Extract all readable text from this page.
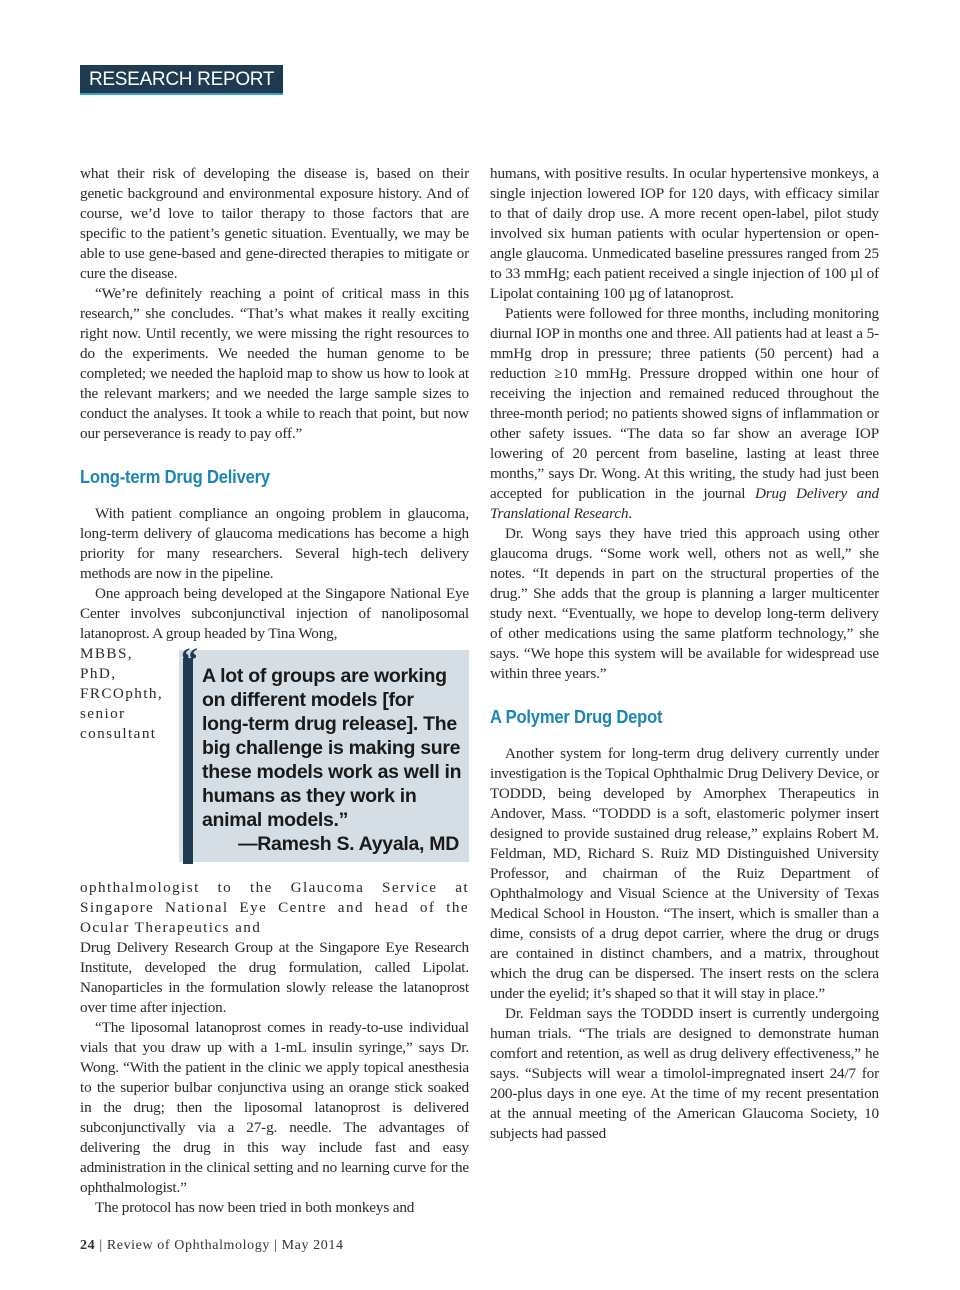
RESEARCH REPORT

what their risk of developing the disease is, based on their genetic background and environmental exposure history. And of course, we’d love to tailor therapy to those factors that are specific to the patient’s genetic situation. Eventually, we may be able to use gene-based and gene-directed therapies to mitigate or cure the disease.

“We’re definitely reaching a point of critical mass in this research,” she concludes. “That’s what makes it really exciting right now. Until recently, we were missing the right resources to do the experiments. We needed the human genome to be completed; we needed the haploid map to show us how to look at the relevant markers; and we needed the large sample sizes to conduct the analyses. It took a while to reach that point, but now our perseverance is ready to pay off.”

Long-term Drug Delivery

With patient compliance an ongoing problem in glaucoma, long-term delivery of glaucoma medications has become a high priority for many researchers. Several high-tech delivery methods are now in the pipeline.

One approach being developed at the Singapore National Eye Center involves subconjunctival injection of nanoliposomal latanoprost. A group headed by Tina Wong,

“ A lot of groups are working on different models [for long-term drug release]. The big challenge is making sure these models work as well in humans as they work in animal models.”
—Ramesh S. Ayyala, MD

MBBS, PhD, FRCOphth, senior consultant ophthalmologist to the Glaucoma Service at Singapore National Eye Centre and head of the Ocular Therapeutics and

Drug Delivery Research Group at the Singapore Eye Research Institute, developed the drug formulation, called Lipolat. Nanoparticles in the formulation slowly release the latanoprost over time after injection.

“The liposomal latanoprost comes in ready-to-use individual vials that you draw up with a 1-mL insulin syringe,” says Dr. Wong. “With the patient in the clinic we apply topical anesthesia to the superior bulbar conjunctiva using an orange stick soaked in the drug; then the liposomal latanoprost is delivered subconjunctivally via a 27-g. needle. The advantages of delivering the drug in this way include fast and easy administration in the clinical setting and no learning curve for the ophthalmologist.”

The protocol has now been tried in both monkeys and

humans, with positive results. In ocular hypertensive monkeys, a single injection lowered IOP for 120 days, with efficacy similar to that of daily drop use. A more recent open-label, pilot study involved six human patients with ocular hypertension or open-angle glaucoma. Unmedicated baseline pressures ranged from 25 to 33 mmHg; each patient received a single injection of 100 µl of Lipolat containing 100 µg of latanoprost.

Patients were followed for three months, including monitoring diurnal IOP in months one and three. All patients had at least a 5-mmHg drop in pressure; three patients (50 percent) had a reduction ≥10 mmHg. Pressure dropped within one hour of receiving the injection and remained reduced throughout the three-month period; no patients showed signs of inflammation or other safety issues. “The data so far show an average IOP lowering of 20 percent from baseline, lasting at least three months,” says Dr. Wong. At this writing, the study had just been accepted for publication in the journal Drug Delivery and Translational Research.

Dr. Wong says they have tried this approach using other glaucoma drugs. “Some work well, others not as well,” she notes. “It depends in part on the structural properties of the drug.” She adds that the group is planning a larger multicenter study next. “Eventually, we hope to develop long-term delivery of other medications using the same platform technology,” she says. “We hope this system will be available for widespread use within three years.”

A Polymer Drug Depot

Another system for long-term drug delivery currently under investigation is the Topical Ophthalmic Drug Delivery Device, or TODDD, being developed by Amorphex Therapeutics in Andover, Mass. “TODDD is a soft, elastomeric polymer insert designed to provide sustained drug release,” explains Robert M. Feldman, MD, Richard S. Ruiz MD Distinguished University Professor, and chairman of the Ruiz Department of Ophthalmology and Visual Science at the University of Texas Medical School in Houston. “The insert, which is smaller than a dime, consists of a drug depot carrier, where the drug or drugs are contained in distinct chambers, and a matrix, throughout which the drug can be dispersed. The insert rests on the sclera under the eyelid; it’s shaped so that it will stay in place.”

Dr. Feldman says the TODDD insert is currently undergoing human trials. “The trials are designed to demonstrate human comfort and retention, as well as drug delivery effectiveness,” he says. “Subjects will wear a timolol-impregnated insert 24/7 for 200-plus days in one eye. At the time of my recent presentation at the annual meeting of the American Glaucoma Society, 10 subjects had passed

24 | Review of Ophthalmology | May 2014
